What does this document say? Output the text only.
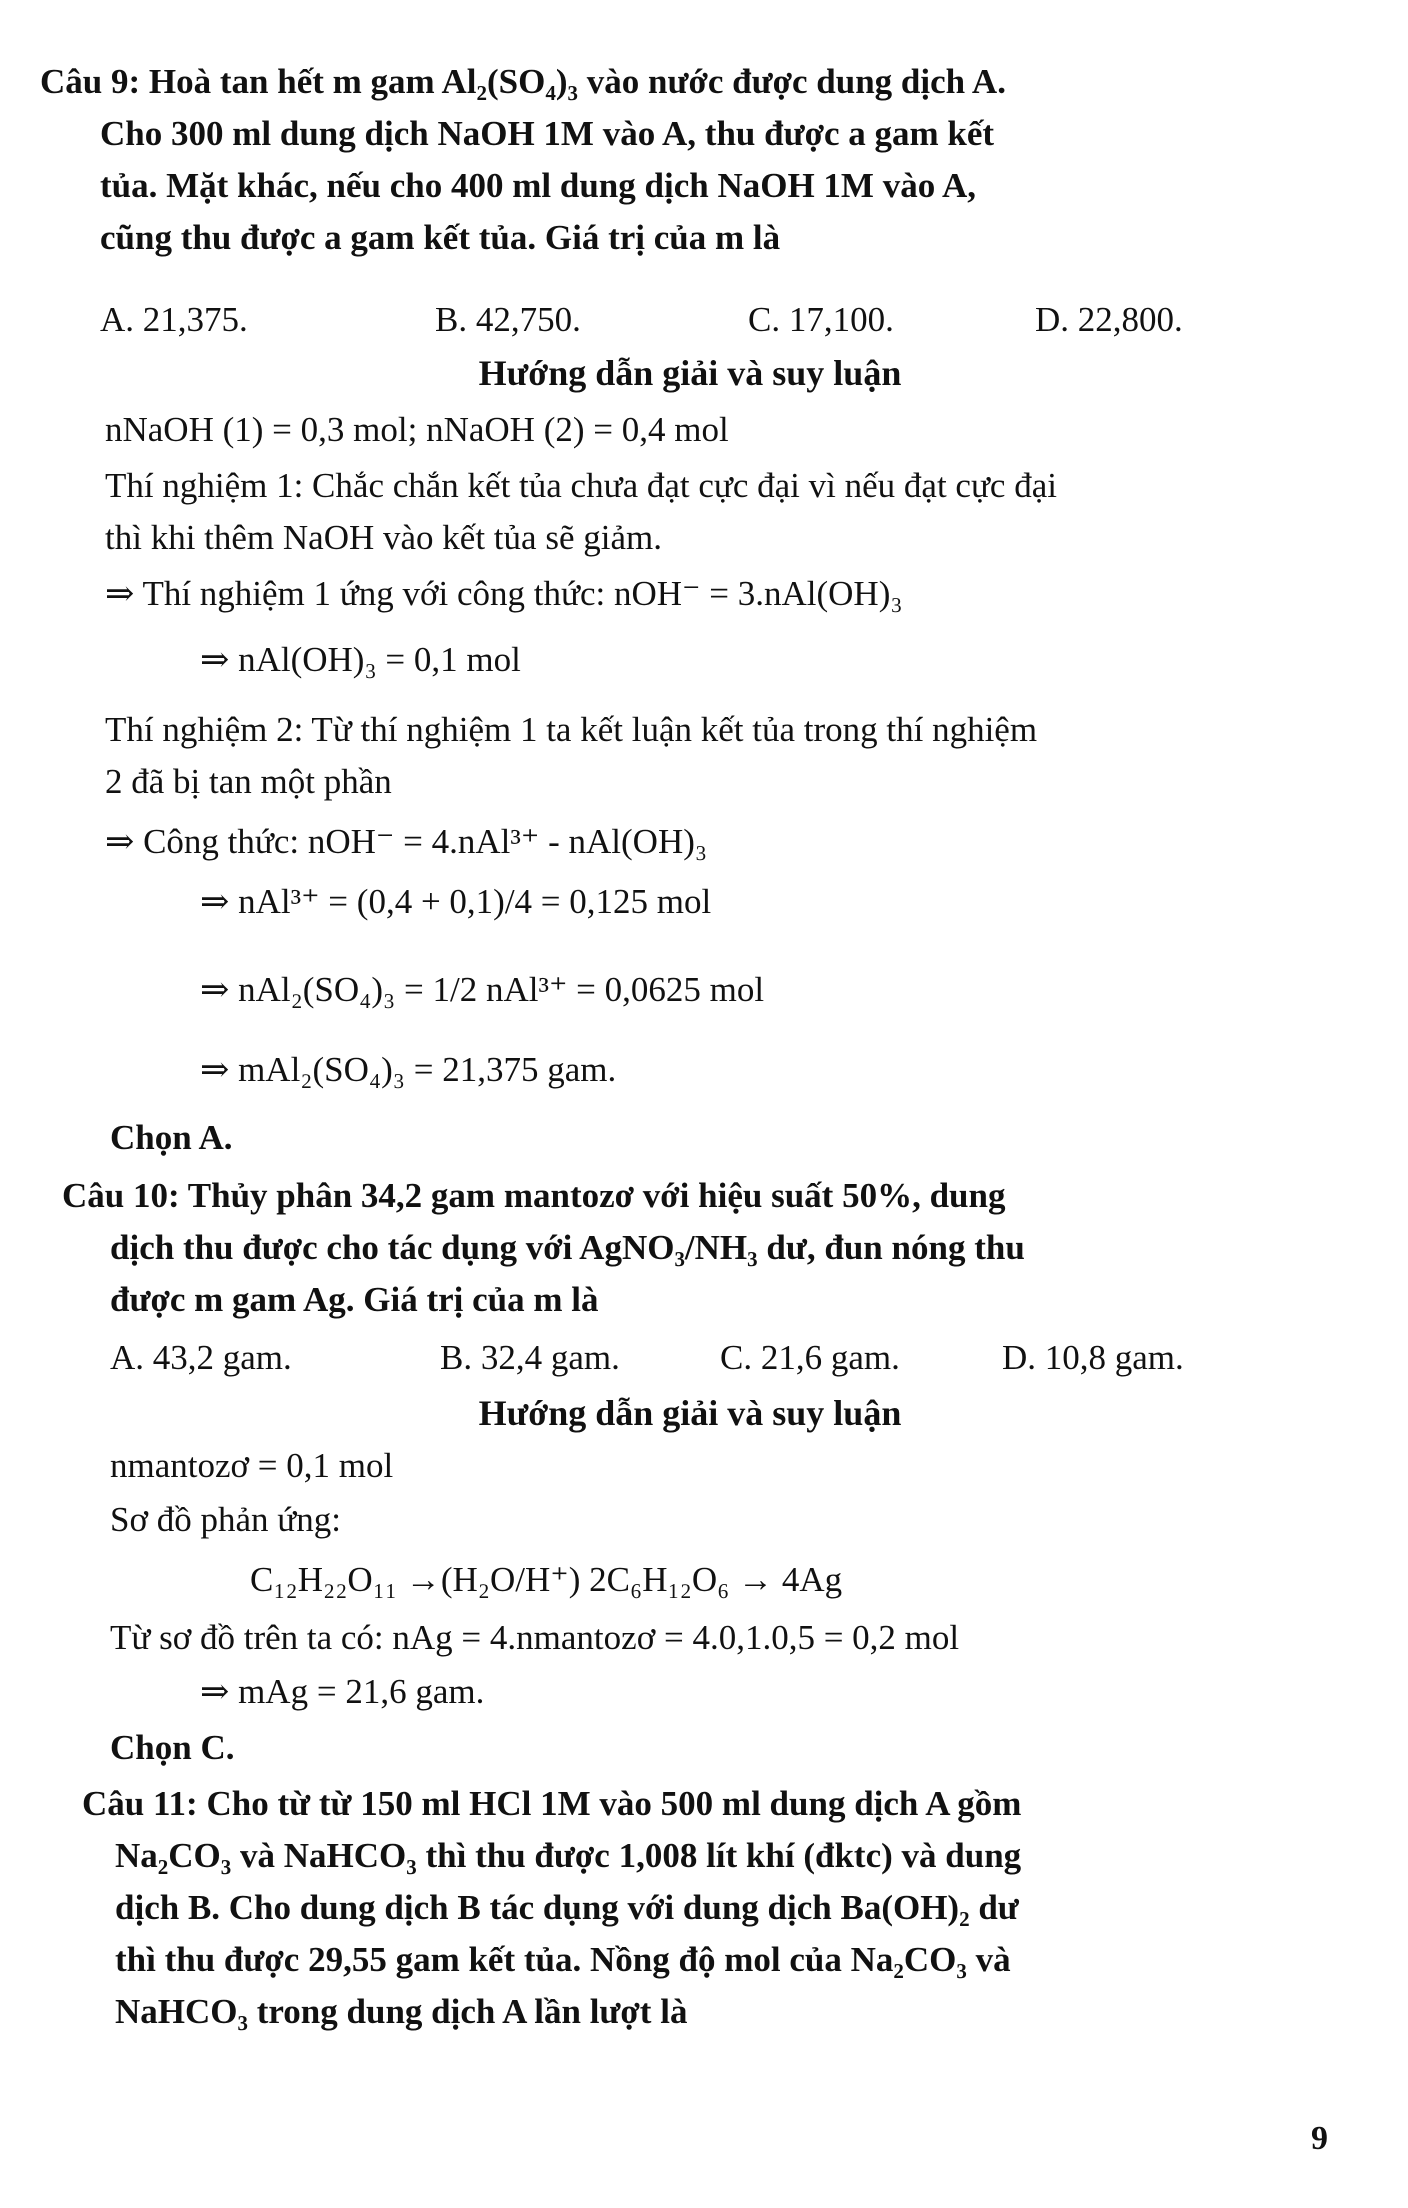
Câu 9: Hoà tan hết m gam Al₂(SO₄)₃ vào nước được dung dịch A.
Cho 300 ml dung dịch NaOH 1M vào A, thu được a gam kết
tủa. Mặt khác, nếu cho 400 ml dung dịch NaOH 1M vào A,
cũng thu được a gam kết tủa. Giá trị của m là
A. 21,375.	B. 42,750.	C. 17,100.	D. 22,800.
Hướng dẫn giải và suy luận
nNaOH (1) = 0,3 mol; nNaOH (2) = 0,4 mol
Thí nghiệm 1: Chắc chắn kết tủa chưa đạt cực đại vì nếu đạt cực đại
thì khi thêm NaOH vào kết tủa sẽ giảm.
⇒ Thí nghiệm 1 ứng với công thức: nOH⁻ = 3.nAl(OH)₃
⇒ nAl(OH)₃ = 0,1 mol
Thí nghiệm 2: Từ thí nghiệm 1 ta kết luận kết tủa trong thí nghiệm
2 đã bị tan một phần
⇒ Công thức: nOH⁻ = 4.nAl³⁺ - nAl(OH)₃
⇒ nAl³⁺ = (0,4 + 0,1)/4 = 0,125 mol
⇒ nAl₂(SO₄)₃ = 1/2 nAl³⁺ = 0,0625 mol
⇒ mAl₂(SO₄)₃ = 21,375 gam.
Chọn A.
Câu 10: Thủy phân 34,2 gam mantozơ với hiệu suất 50%, dung
dịch thu được cho tác dụng với AgNO₃/NH₃ dư, đun nóng thu
được m gam Ag. Giá trị của m là
A. 43,2 gam.	B. 32,4 gam.	C. 21,6 gam.	D. 10,8 gam.
Hướng dẫn giải và suy luận
nmantozơ = 0,1 mol
Sơ đồ phản ứng:
C₁₂H₂₂O₁₁ →(H₂O/H⁺) 2C₆H₁₂O₆ → 4Ag
Từ sơ đồ trên ta có: nAg = 4.nmantozơ = 4.0,1.0,5 = 0,2 mol
⇒ mAg = 21,6 gam.
Chọn C.
Câu 11: Cho từ từ 150 ml HCl 1M vào 500 ml dung dịch A gồm
Na₂CO₃ và NaHCO₃ thì thu được 1,008 lít khí (đktc) và dung
dịch B. Cho dung dịch B tác dụng với dung dịch Ba(OH)₂ dư
thì thu được 29,55 gam kết tủa. Nồng độ mol của Na₂CO₃ và
NaHCO₃ trong dung dịch A lần lượt là
9
